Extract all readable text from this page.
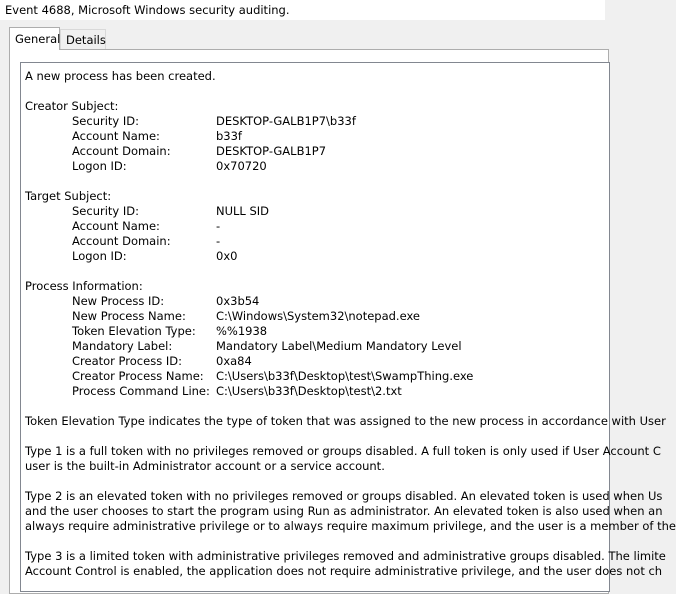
Event 4688, Microsoft Windows security auditing.
General Details
A new process has been created.
Creator Subject:
Security ID:	DESKTOP-GALB1P7\b33f
Account Name:	b33f
Account Domain:	DESKTOP-GALB1P7
Logon ID:	0x70720
Target Subject:
Security ID:	NULL SID
Account Name:	-
Account Domain:	-
Logon ID:	0x0
Process Information:
New Process ID:	0x3b54
New Process Name:	C:\Windows\System32\notepad.exe
Token Elevation Type: %%1938
Mandatory Label:	Mandatory Label\Medium Mandatory Level
Creator Process ID:	0xa84
Creator Process Name: C:\Users\b33f\Desktop\test\SwampThing.exe
Process Command Line: C:\Users\b33f\Desktop\test\2.txt
Token Elevation Type indicates the type of token that was assigned to the new process in accordance with User
Type 1 is a full token with no privileges removed or groups disabled. A full token is only used if User Account C
user is the built-in Administrator account or a service account.
Type 2 is an elevated token with no privileges removed or groups disabled. An elevated token is used when Us
and the user chooses to start the program using Run as administrator. An elevated token is also used when an
always require administrative privilege or to always require maximum privilege, and the user is a member of the
Type 3 is a limited token with administrative privileges removed and administrative groups disabled. The limite
Account Control is enabled, the application does not require administrative privilege, and the user does not ch
